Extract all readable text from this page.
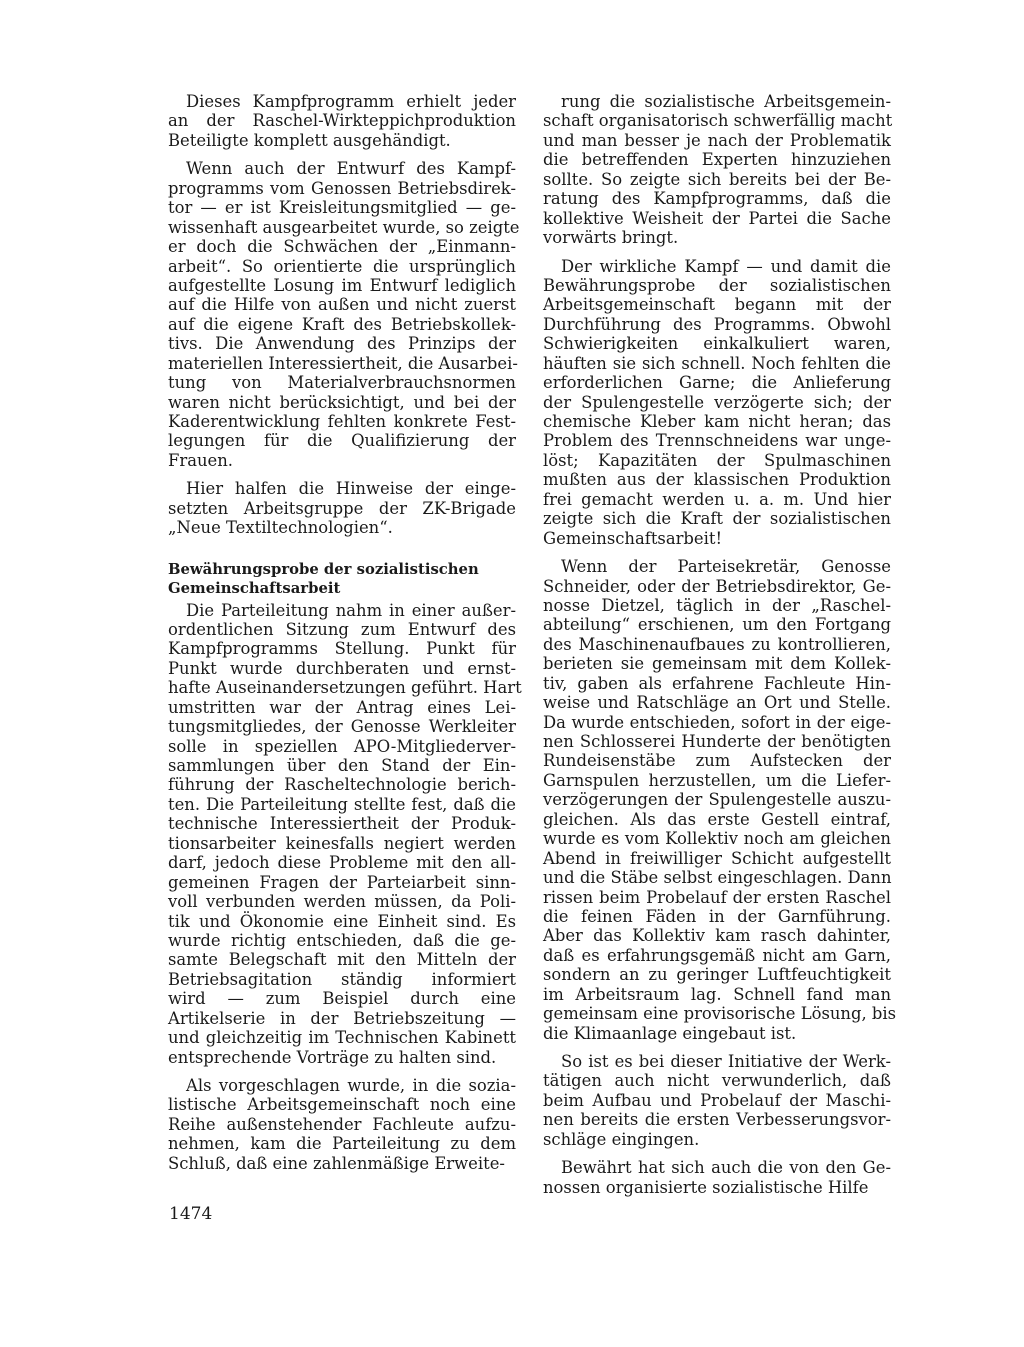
Dieses Kampfprogramm erhielt jeder
an der Raschel-Wirkteppichproduktion
Beteiligte komplett ausgehändigt.
Wenn auch der Entwurf des Kampf-
programms vom Genossen Betriebsdirek-
tor — er ist Kreisleitungsmitglied — ge-
wissenhaft ausgearbeitet wurde, so zeigte
er doch die Schwächen der „Einmann-
arbeit“. So orientierte die ursprünglich
aufgestellte Losung im Entwurf lediglich
auf die Hilfe von außen und nicht zuerst
auf die eigene Kraft des Betriebskollek-
tivs. Die Anwendung des Prinzips der
materiellen Interessiertheit, die Ausarbei-
tung von Materialverbrauchsnormen
waren nicht berücksichtigt, und bei der
Kaderentwicklung fehlten konkrete Fest-
legungen für die Qualifizierung der
Frauen.
Hier halfen die Hinweise der einge-
setzten Arbeitsgruppe der ZK-Brigade
„Neue Textiltechnologien“.
Bewährungsprobe der sozialistischen
Gemeinschaftsarbeit
Die Parteileitung nahm in einer außer-
ordentlichen Sitzung zum Entwurf des
Kampfprogramms Stellung. Punkt für
Punkt wurde durchberaten und ernst-
hafte Auseinandersetzungen geführt. Hart
umstritten war der Antrag eines Lei-
tungsmitgliedes, der Genosse Werkleiter
solle in speziellen APO-Mitgliederver-
sammlungen über den Stand der Ein-
führung der Rascheltechnologie berich-
ten. Die Parteileitung stellte fest, daß die
technische Interessiertheit der Produk-
tionsarbeiter keinesfalls negiert werden
darf, jedoch diese Probleme mit den all-
gemeinen Fragen der Parteiarbeit sinn-
voll verbunden werden müssen, da Poli-
tik und Ökonomie eine Einheit sind. Es
wurde richtig entschieden, daß die ge-
samte Belegschaft mit den Mitteln der
Betriebsagitation ständig informiert
wird — zum Beispiel durch eine
Artikelserie in der Betriebszeitung —
und gleichzeitig im Technischen Kabinett
entsprechende Vorträge zu halten sind.
Als vorgeschlagen wurde, in die sozia-
listische Arbeitsgemeinschaft noch eine
Reihe außenstehender Fachleute aufzu-
nehmen, kam die Parteileitung zu dem
Schluß, daß eine zahlenmäßige Erweite-
rung die sozialistische Arbeitsgemein-
schaft organisatorisch schwerfällig macht
und man besser je nach der Problematik
die betreffenden Experten hinzuziehen
sollte. So zeigte sich bereits bei der Be-
ratung des Kampfprogramms, daß die
kollektive Weisheit der Partei die Sache
vorwärts bringt.
Der wirkliche Kampf — und damit die
Bewährungsprobe der sozialistischen
Arbeitsgemeinschaft begann mit der
Durchführung des Programms. Obwohl
Schwierigkeiten einkalkuliert waren,
häuften sie sich schnell. Noch fehlten die
erforderlichen Garne; die Anlieferung
der Spulengestelle verzögerte sich; der
chemische Kleber kam nicht heran; das
Problem des Trennschneidens war unge-
löst; Kapazitäten der Spulmaschinen
mußten aus der klassischen Produktion
frei gemacht werden u. a. m. Und hier
zeigte sich die Kraft der sozialistischen
Gemeinschaftsarbeit!
Wenn der Parteisekretär, Genosse
Schneider, oder der Betriebsdirektor, Ge-
nosse Dietzel, täglich in der „Raschel-
abteilung“ erschienen, um den Fortgang
des Maschinenaufbaues zu kontrollieren,
berieten sie gemeinsam mit dem Kollek-
tiv, gaben als erfahrene Fachleute Hin-
weise und Ratschläge an Ort und Stelle.
Da wurde entschieden, sofort in der eige-
nen Schlosserei Hunderte der benötigten
Rundeisenstäbe zum Aufstecken der
Garnspulen herzustellen, um die Liefer-
verzögerungen der Spulengestelle auszu-
gleichen. Als das erste Gestell eintraf,
wurde es vom Kollektiv noch am gleichen
Abend in freiwilliger Schicht aufgestellt
und die Stäbe selbst eingeschlagen. Dann
rissen beim Probelauf der ersten Raschel
die feinen Fäden in der Garnführung.
Aber das Kollektiv kam rasch dahinter,
daß es erfahrungsgemäß nicht am Garn,
sondern an zu geringer Luftfeuchtigkeit
im Arbeitsraum lag. Schnell fand man
gemeinsam eine provisorische Lösung, bis
die Klimaanlage eingebaut ist.
So ist es bei dieser Initiative der Werk-
tätigen auch nicht verwunderlich, daß
beim Aufbau und Probelauf der Maschi-
nen bereits die ersten Verbesserungsvor-
schläge eingingen.
Bewährt hat sich auch die von den Ge-
nossen organisierte sozialistische Hilfe
1474
